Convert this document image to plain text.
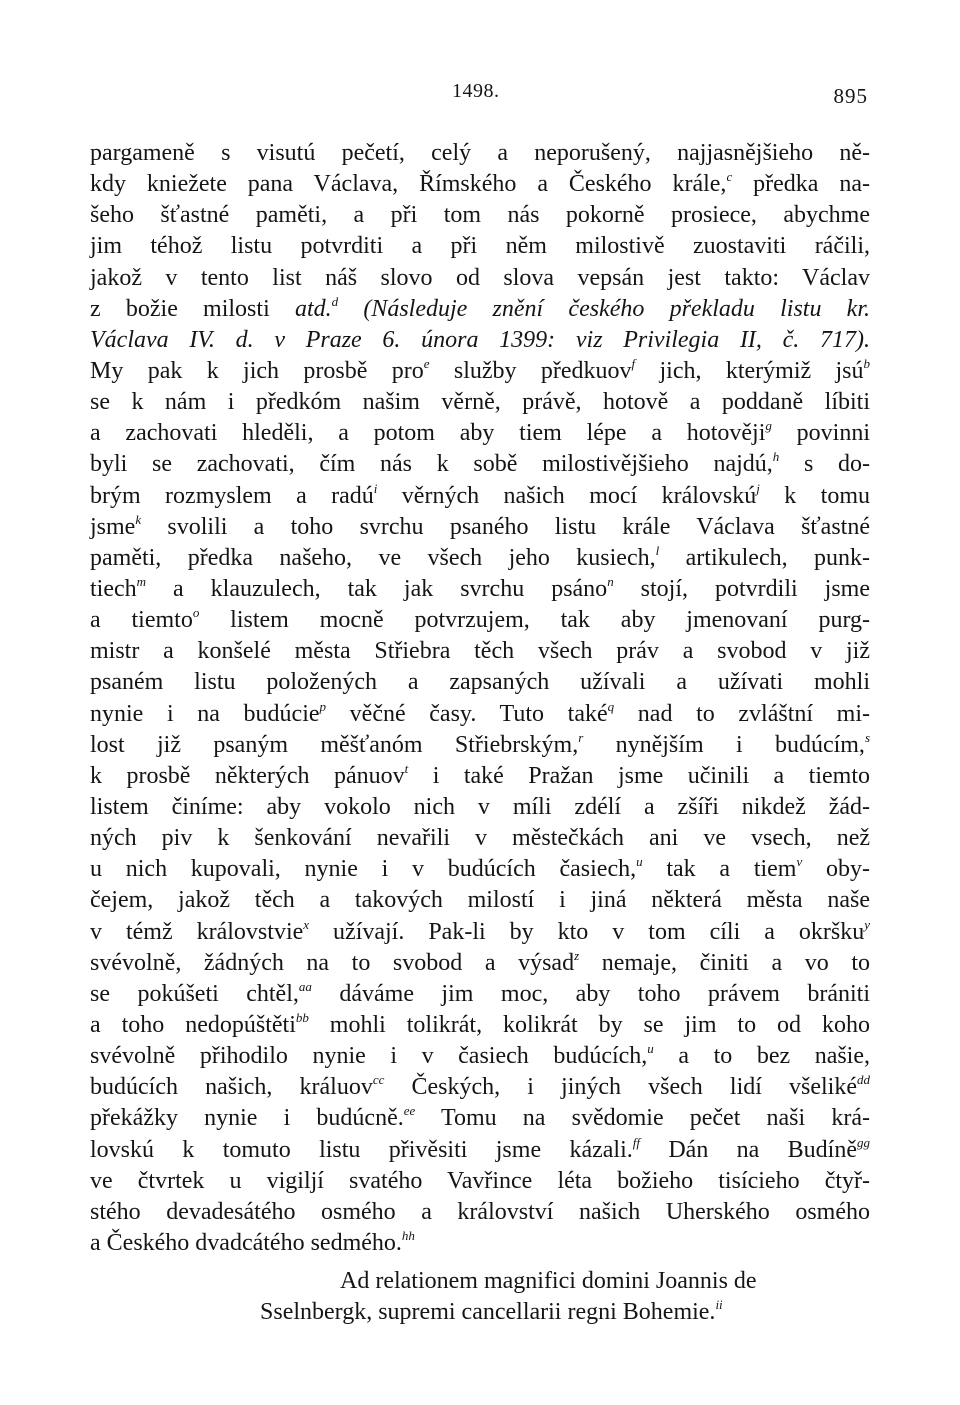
1498.	895
pargameně s visutú pečetí, celý a neporušený, najjasnějšieho ně-
kdy kniežete pana Václava, Římského a Českého krále,$^c$ předka na-
šeho šťastné paměti, a při tom nás pokorně prosiece, abychme
jim téhož listu potvrditi a při něm milostivě zuostaviti ráčili,
jakož v tento list náš slovo od slova vepsán jest takto: Václav
z božie milosti atd.$^d$ (Následuje znění českého překladu listu kr.
Václava IV. d. v Praze 6. února 1399: viz Privilegia II, č. 717).
My pak k jich prosbě pro$^e$ služby předkuov$^f$ jich, kterýmiž jsú$^b$
se k nám i předkóm našim věrně, právě, hotově a poddaně líbiti
a zachovati hleděli, a potom aby tiem lépe a hotověji$^g$ povinni
byli se zachovati, čím nás k sobě milostivějšieho najdú,$^h$ s do-
brým rozmyslem a radú$^i$ věrných našich mocí královskú$^j$ k tomu
jsme$^k$ svolili a toho svrchu psaného listu krále Václava šťastné
paměti, předka našeho, ve všech jeho kusiech,$^l$ artikulech, punk-
tiech$^m$ a klauzulech, tak jak svrchu psáno$^n$ stojí, potvrdili jsme
a tiemto$^o$ listem mocně potvrzujem, tak aby jmenovaní purg-
mistr a konšelé města Střiebra těch všech práv a svobod v již
psaném listu položených a zapsaných užívali a užívati mohli
nynie i na budúcie$^p$ věčné časy. Tuto také$^q$ nad to zvláštní mi-
lost již psaným měšťanóm Střiebrským,$^r$ nynějším i budúcím,$^s$
k prosbě některých pánuov$^t$ i také Pražan jsme učinili a tiemto
listem činíme: aby vokolo nich v míli zdélí a zšíři nikdež žád-
ných piv k šenkování nevařili v městečkách ani ve vsech, než
u nich kupovali, nynie i v budúcích časiech,$^u$ tak a tiem$^v$ oby-
čejem, jakož těch a takových milostí i jiná některá města naše
v témž královstvie$^x$ užívají. Pak-li by kto v tom cíli a okršku$^y$
svévolně, žádných na to svobod a výsad$^z$ nemaje, činiti a vo to
se pokúšeti chtěl,$^{aa}$ dáváme jim moc, aby toho právem brániti
a toho nedopúštěti$^{bb}$ mohli tolikrát, kolikrát by se jim to od koho
svévolně přihodilo nynie i v časiech budúcích,$^u$ a to bez našie,
budúcích našich, králuov$^{cc}$ Českých, i jiných všech lidí všeliké$^{dd}$
překážky nynie i budúcně.$^{ee}$ Tomu na svědomie pečet naši krá-
lovskú k tomuto listu přivěsiti jsme kázali.$^{ff}$ Dán na Budíně$^{gg}$
ve čtvrtek u vigiljí svatého Vavřince léta božieho tisícieho čtyř-
stého devadesátého osmého a království našich Uherského osmého
a Českého dvadcátého sedmého.$^{hh}$
Ad relationem magnifici domini Joannis de
Sselnbergk, supremi cancellarii regni Bohemie.$^{ii}$
